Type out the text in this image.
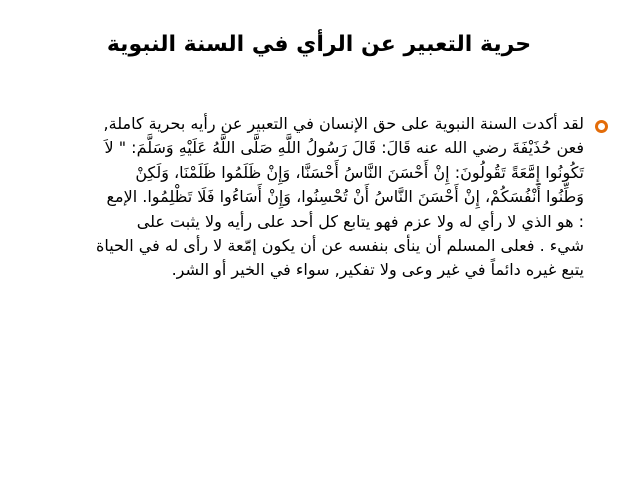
حرية التعبير عن الرأي في السنة النبوية
لقد أكدت السنة النبوية على حق الإنسان في التعبير عن رأيه بحرية كاملة,
فعن حُذَيْفَةَ رضي الله عنه قَالَ: قَالَ رَسُولُ اللَّهِ صَلَّى اللَّهُ عَلَيْهِ وَسَلَّمَ: " لاَ
تَكُونُوا إِمَّعَةً تَقُولُونَ: إِنْ أَحْسَنَ النَّاسُ أَحْسَنَّا، وَإِنْ ظَلَمُوا ظَلَمْنَا، وَلَكِنْ
وَطِّنُوا أَنْفُسَكُمْ، إِنْ أَحْسَنَ النَّاسُ أَنْ تُحْسِنُوا، وَإِنْ أَسَاءُوا فَلَا تَظْلِمُوا. الإمع
: هو الذي لا رأي له ولا عزم فهو يتابع كل أحد على رأيه ولا يثبت على
شيء . فعلى المسلم أن ينأى بنفسه عن أن يكون إمّعة لا رأى له في الحياة
يتبع غيره دائماً في غير وعى ولا تفكير, سواء في الخير أو الشر.
